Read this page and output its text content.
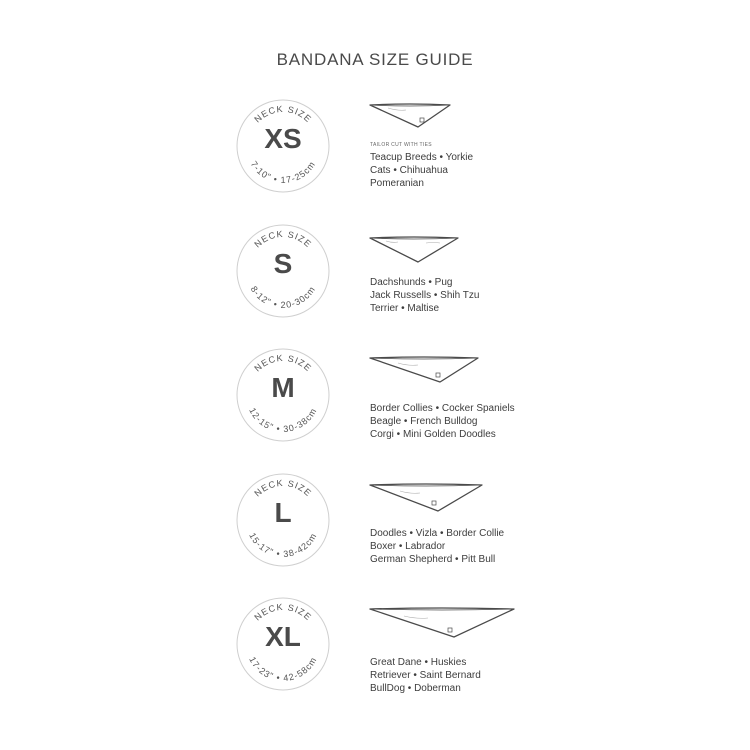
BANDANA SIZE GUIDE
NECK SIZE
7-10" • 17-25cm
XS	TAILOR CUT WITH TIES
Teacup Breeds • Yorkie
Cats • Chihuahua
Pomeranian
NECK SIZE
8-12" • 20-30cm
S
Dachshunds • Pug
Jack Russells • Shih Tzu
Terrier • Maltise
NECK SIZE
12-15" • 30-38cm
M
Border Collies • Cocker Spaniels
Beagle • French Bulldog
Corgi • Mini Golden Doodles
NECK SIZE
15-17" • 38-42cm
L
Doodles • Vizla • Border Collie
Boxer • Labrador
German Shepherd • Pitt Bull
NECK SIZE
17-23" • 42-58cm
XL
Great Dane • Huskies
Retriever • Saint Bernard
BullDog • Doberman
